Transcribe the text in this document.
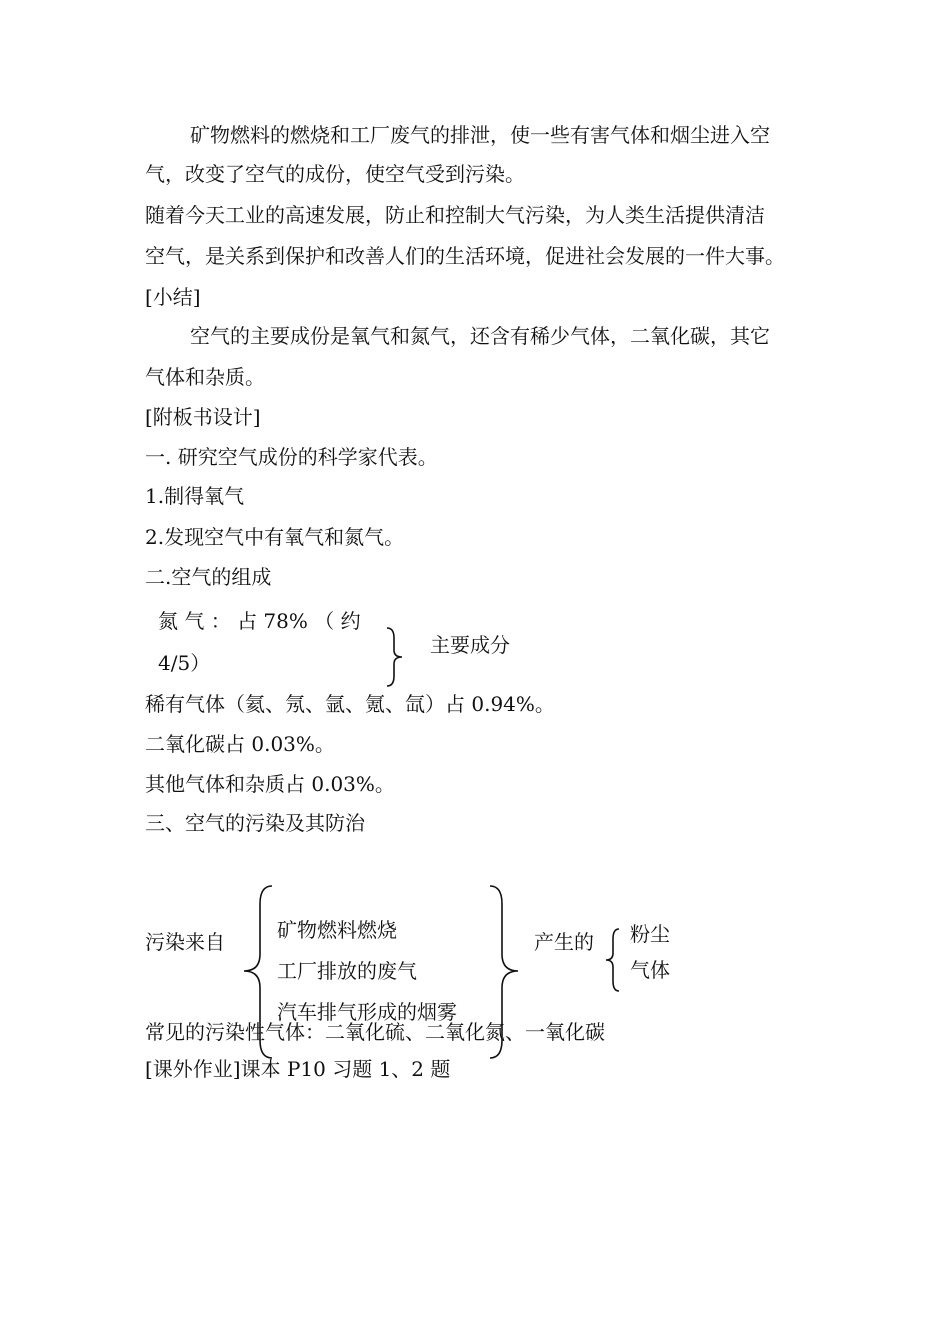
矿物燃料的燃烧和工厂废气的排泄，使一些有害气体和烟尘进入空
气，改变了空气的成份，使空气受到污染。
随着今天工业的高速发展，防止和控制大气污染，为人类生活提供清洁
空气，是关系到保护和改善人们的生活环境，促进社会发展的一件大事。
[小结]
空气的主要成份是氧气和氮气，还含有稀少气体，二氧化碳，其它
气体和杂质。
[附板书设计]
一. 研究空气成份的科学家代表。
1.制得氧气
2.发现空气中有氧气和氮气。
二.空气的组成
氮 气 ： 占 78% （ 约
4/5）
主要成分
稀有气体（氦、氖、氩、氪、氙）占 0.94%。
二氧化碳占 0.03%。
其他气体和杂质占 0.03%。
三、空气的污染及其防治
污染来自	矿物燃料燃烧
工厂排放的废气
汽车排气形成的烟雾
产生的 粉尘
气体
常见的污染性气体：二氧化硫、二氧化氮、一氧化碳
[课外作业]课本 P10 习题 1、2 题
